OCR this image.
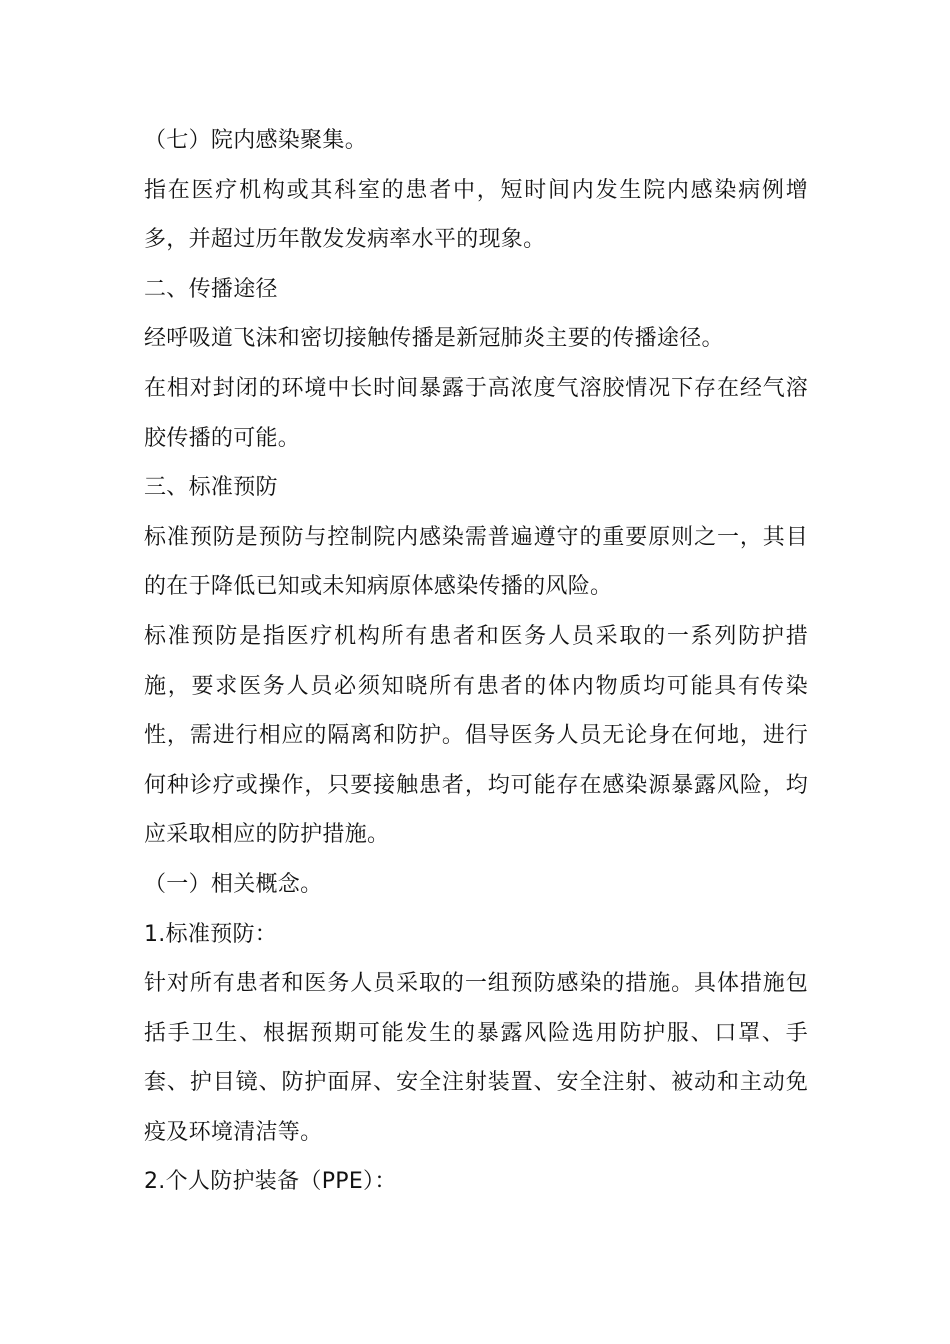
（七）院内感染聚集。

指在医疗机构或其科室的患者中，短时间内发生院内感染病例增多，并超过历年散发发病率水平的现象。

二、传播途径

经呼吸道飞沫和密切接触传播是新冠肺炎主要的传播途径。

在相对封闭的环境中长时间暴露于高浓度气溶胶情况下存在经气溶胶传播的可能。

三、标准预防

标准预防是预防与控制院内感染需普遍遵守的重要原则之一，其目的在于降低已知或未知病原体感染传播的风险。

标准预防是指医疗机构所有患者和医务人员采取的一系列防护措施，要求医务人员必须知晓所有患者的体内物质均可能具有传染性，需进行相应的隔离和防护。倡导医务人员无论身在何地，进行何种诊疗或操作，只要接触患者，均可能存在感染源暴露风险，均应采取相应的防护措施。

（一）相关概念。

1.标准预防：

针对所有患者和医务人员采取的一组预防感染的措施。具体措施包括手卫生、根据预期可能发生的暴露风险选用防护服、口罩、手套、护目镜、防护面屏、安全注射装置、安全注射、被动和主动免疫及环境清洁等。

2.个人防护装备（PPE）：
